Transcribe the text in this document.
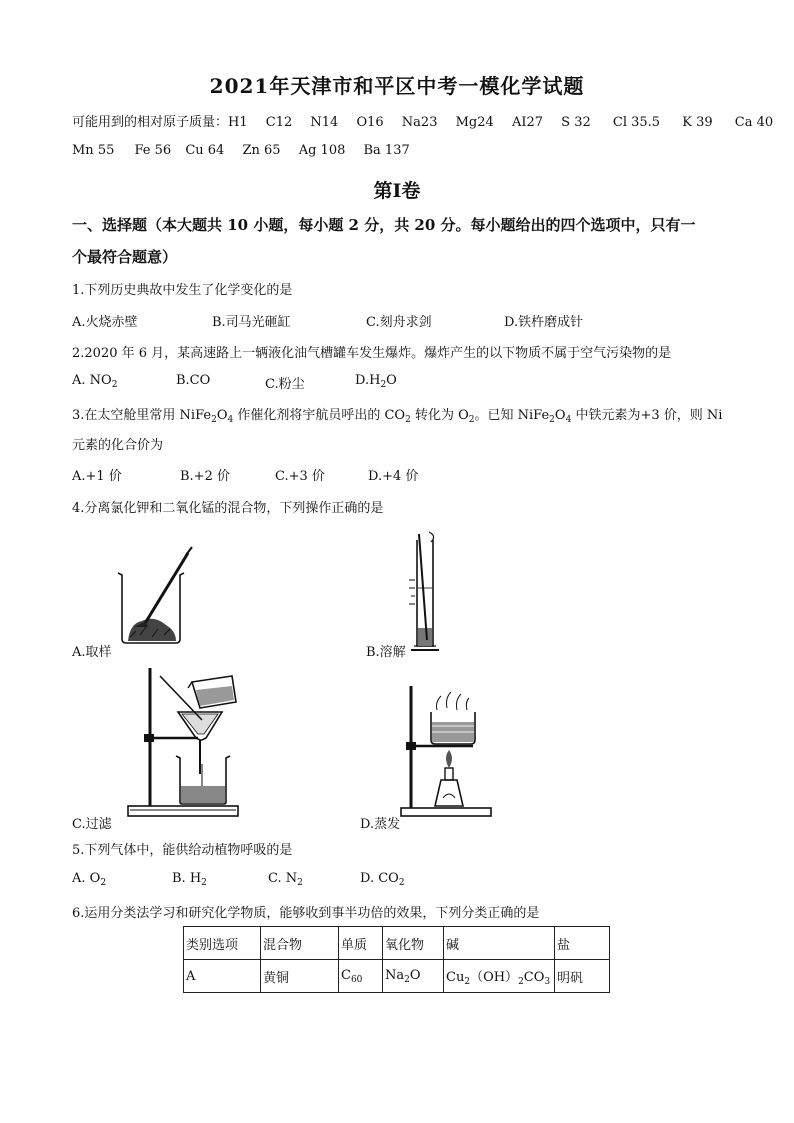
2021年天津市和平区中考一模化学试题
可能用到的相对原子质量：H1 C12 N14 O16 Na23 Mg24 AI27 S 32 Cl 35.5 K 39 Ca 40
Mn 55 Fe 56 Cu 64 Zn 65 Ag 108 Ba 137
第I卷
一、选择题（本大题共 10 小题，每小题 2 分，共 20 分。每小题给出的四个选项中，只有一
个最符合题意）
1.下列历史典故中发生了化学变化的是
A.火烧赤壁	B.司马光砸缸	C.刻舟求剑	D.铁杵磨成针
2.2020 年 6 月，某高速路上一辆液化油气槽罐车发生爆炸。爆炸产生的以下物质不属于空气污染物的是
A. $NO_2$	B.CO	C.粉尘	$D.H_2O$
3.在太空舱里常用 $NiFe_2O_4$ 作催化剂将宇航员呼出的 $CO_2$ 转化为 $O_2$。已知 $NiFe_2O_4$ 中铁元素为+3 价，则 Ni
元素的化合价为
A.+1 价	B.+2 价	C.+3 价	D.+4 价
4.分离氯化钾和二氧化锰的混合物，下列操作正确的是
A.取样	B.溶解
C.过滤	D.蒸发
5.下列气体中，能供给动植物呼吸的是
A. $O_2$	B. $H_2$	C. $N_2$	D. $CO_2$
6.运用分类法学习和研究化学物质，能够收到事半功倍的效果，下列分类正确的是
类别选项	混合物	单质	氧化物	碱	盐
A	黄铜	$C_{60}$	$Na_2O$	$Cu_2(OH)_2CO_3$	明矾
